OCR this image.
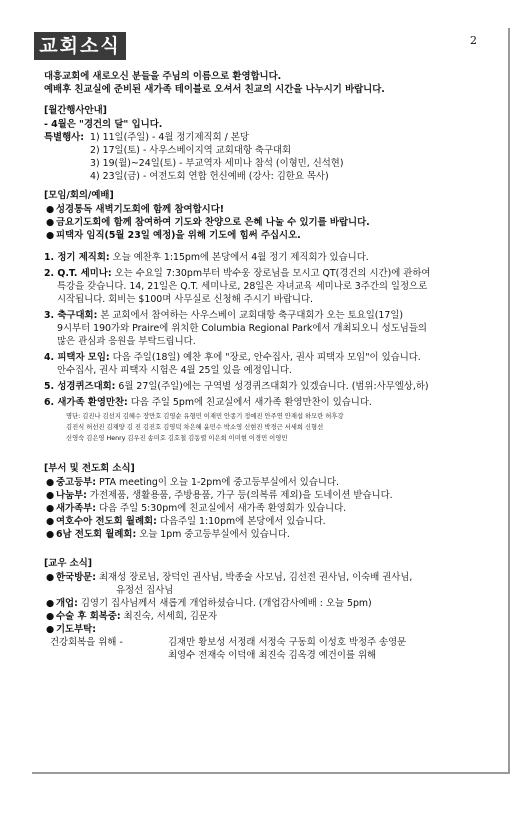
교회소식	2

대흥교회에 새로오신 분들을 주님의 이름으로 환영합니다.

예배후 친교실에 준비된 새가족 테이블로 오셔서 친교의 시간을 나누시기 바랍니다.

[월간행사안내]

- 4월은 "경건의 달" 입니다.

특별행사: 1) 11일(주일) - 4월 정기제직회 / 본당

2) 17일(토) - 사우스베이지역 교회대항 축구대회

3) 19(월)~24일(토) - 부교역자 세미나 참석 (이형민, 신석현)

4) 23일(금) - 여전도회 연합 헌신예배 (강사: 김한요 목사)

[모임/회의/예배]

● 성경통독 새벽기도회에 함께 참여합시다!

● 금요기도회에 함께 참여하여 기도와 찬양으로 은혜 나눌 수 있기를 바랍니다.

● 피택자 임직(5월 23일 예정)을 위해 기도에 힘써 주십시오.

1. 정기 제직회: 오늘 예찬후 1:15pm에 본당에서 4월 정기 제직회가 있습니다.
2. Q.T. 세미나: 오는 수요일 7:30pm부터 박수웅 장로님을 모시고 QT(경건의 시간)에 관하여
특강을 갖습니다. 14, 21일은 Q.T. 세미나로, 28일은 자녀교육 세미나로 3주간의 일정으로
시작됩니다. 회비는 $100며 사무실로 신청해 주시기 바랍니다.
3. 축구대회: 본 교회에서 참여하는 사우스베이 교회대항 축구대회가 오는 토요일(17일)
9시부터 190가와 Praire에 위치한 Columbia Regional Park에서 개최되오니 성도님들의
많은 관심과 응원을 부탁드립니다.
4. 피택자 모임: 다음 주일(18일) 예찬 후에 "장로, 안수집사, 권사 피택자 모임"이 있습니다.
안수집사, 권사 피택자 시험은 4월 25일 있을 예정입니다.
5. 성경퀴즈대회: 6월 27일(주일)에는 구역별 성경퀴즈대회가 있겠습니다. (범위:사무엘상,하)
6. 새가족 환영만찬: 다음 주일 5pm에 친교실에서 새가족 환영만찬이 있습니다.

명단: 김진나 김선지 김혜수 장만호 김영순 유형민 이재민 안종기 정예진 안주연 안재섭 하모란 허후강

김진식 허선진 김재양 김 진 김진호 김영덕 차은혜 윤민수 박소영 신현진 박경근 서세희 신형선

신영숙 김은영 Henry 김우진 송미호 김호철 김동렬 이은희 이미현 이경민 이영민

[부서 및 전도회 소식]

● 중고등부: PTA meeting이 오늘 1-2pm에 중고등부실에서 있습니다.

● 나눔부: 가전제품, 생활용품, 주방용품, 가구 등(의복류 제외)을 도네이션 받습니다.

● 새가족부: 다음 주일 5:30pm에 친교실에서 새가족 환영회가 있습니다.

● 여호수아 전도회 월례회: 다음주일 1:10pm에 본당에서 있습니다.

● 6남 전도회 월례회: 오늘 1pm 중고등부실에서 있습니다.

[교우 소식]

● 한국방문: 최재성 장로님, 장덕인 권사님, 박종술 사모님, 김선전 권사님, 이숙배 권사님,

유정선 집사님

● 개업: 김영기 집사님께서 새롭게 개업하셨습니다. (개업감사예배 : 오늘 5pm)

● 수술 후 회복중: 최진숙, 서세희, 김문자

● 기도부탁:

건강회복을 위해 -	김재만 황보성 서정래 서정숙 구동희 이성호 박정주 송영문

최영수 전재숙 이덕애 최진숙 김옥경 예건이를 위해
